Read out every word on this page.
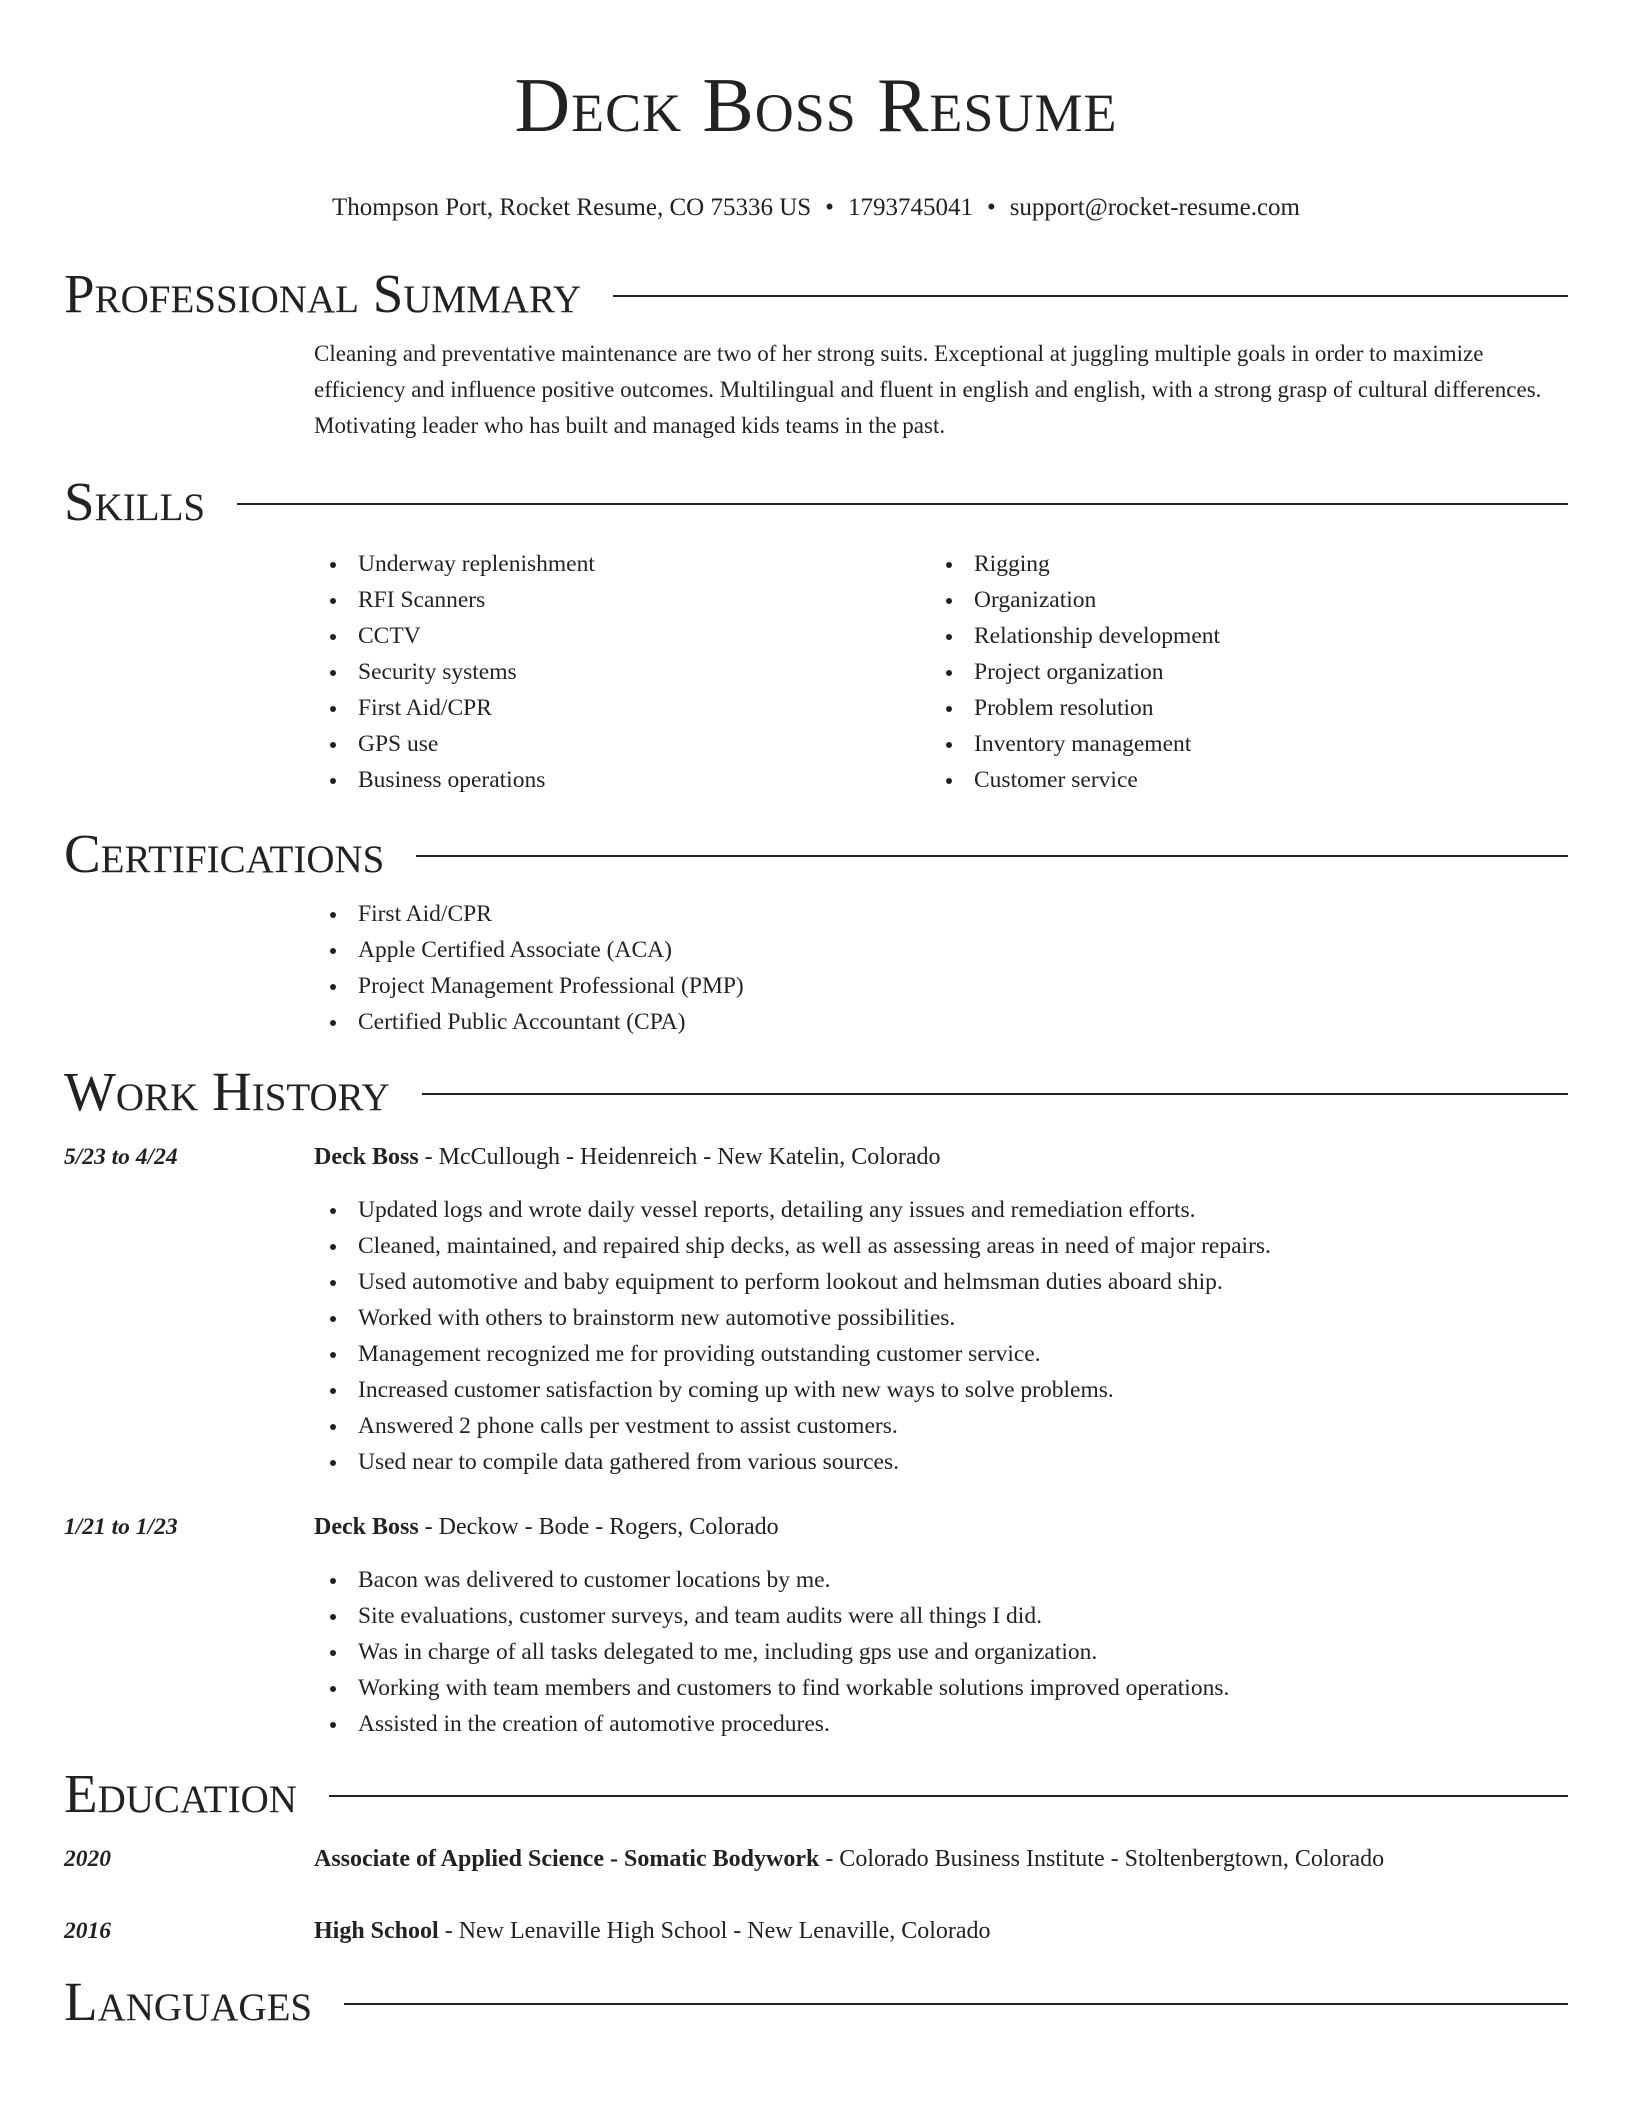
Deck Boss Resume
Thompson Port, Rocket Resume, CO 75336 US • 1793745041 • support@rocket-resume.com
Professional Summary

Cleaning and preventative maintenance are two of her strong suits. Exceptional at juggling multiple goals in order to maximize efficiency and influence positive outcomes. Multilingual and fluent in english and english, with a strong grasp of cultural differences. Motivating leader who has built and managed kids teams in the past.

Skills
Underway replenishment
RFI Scanners
CCTV
Security systems
First Aid/CPR
GPS use
Business operations
Rigging
Organization
Relationship development
Project organization
Problem resolution
Inventory management
Customer service
Certifications
First Aid/CPR
Apple Certified Associate (ACA)
Project Management Professional (PMP)
Certified Public Accountant (CPA)
Work History
5/23 to 4/24	Deck Boss - McCullough - Heidenreich - New Katelin, Colorado
Updated logs and wrote daily vessel reports, detailing any issues and remediation efforts.
Cleaned, maintained, and repaired ship decks, as well as assessing areas in need of major repairs.
Used automotive and baby equipment to perform lookout and helmsman duties aboard ship.
Worked with others to brainstorm new automotive possibilities.
Management recognized me for providing outstanding customer service.
Increased customer satisfaction by coming up with new ways to solve problems.
Answered 2 phone calls per vestment to assist customers.
Used near to compile data gathered from various sources.
1/21 to 1/23	Deck Boss - Deckow - Bode - Rogers, Colorado
Bacon was delivered to customer locations by me.
Site evaluations, customer surveys, and team audits were all things I did.
Was in charge of all tasks delegated to me, including gps use and organization.
Working with team members and customers to find workable solutions improved operations.
Assisted in the creation of automotive procedures.
Education
2020	Associate of Applied Science - Somatic Bodywork - Colorado Business Institute - Stoltenbergtown, Colorado
2016	High School - New Lenaville High School - New Lenaville, Colorado
Languages
